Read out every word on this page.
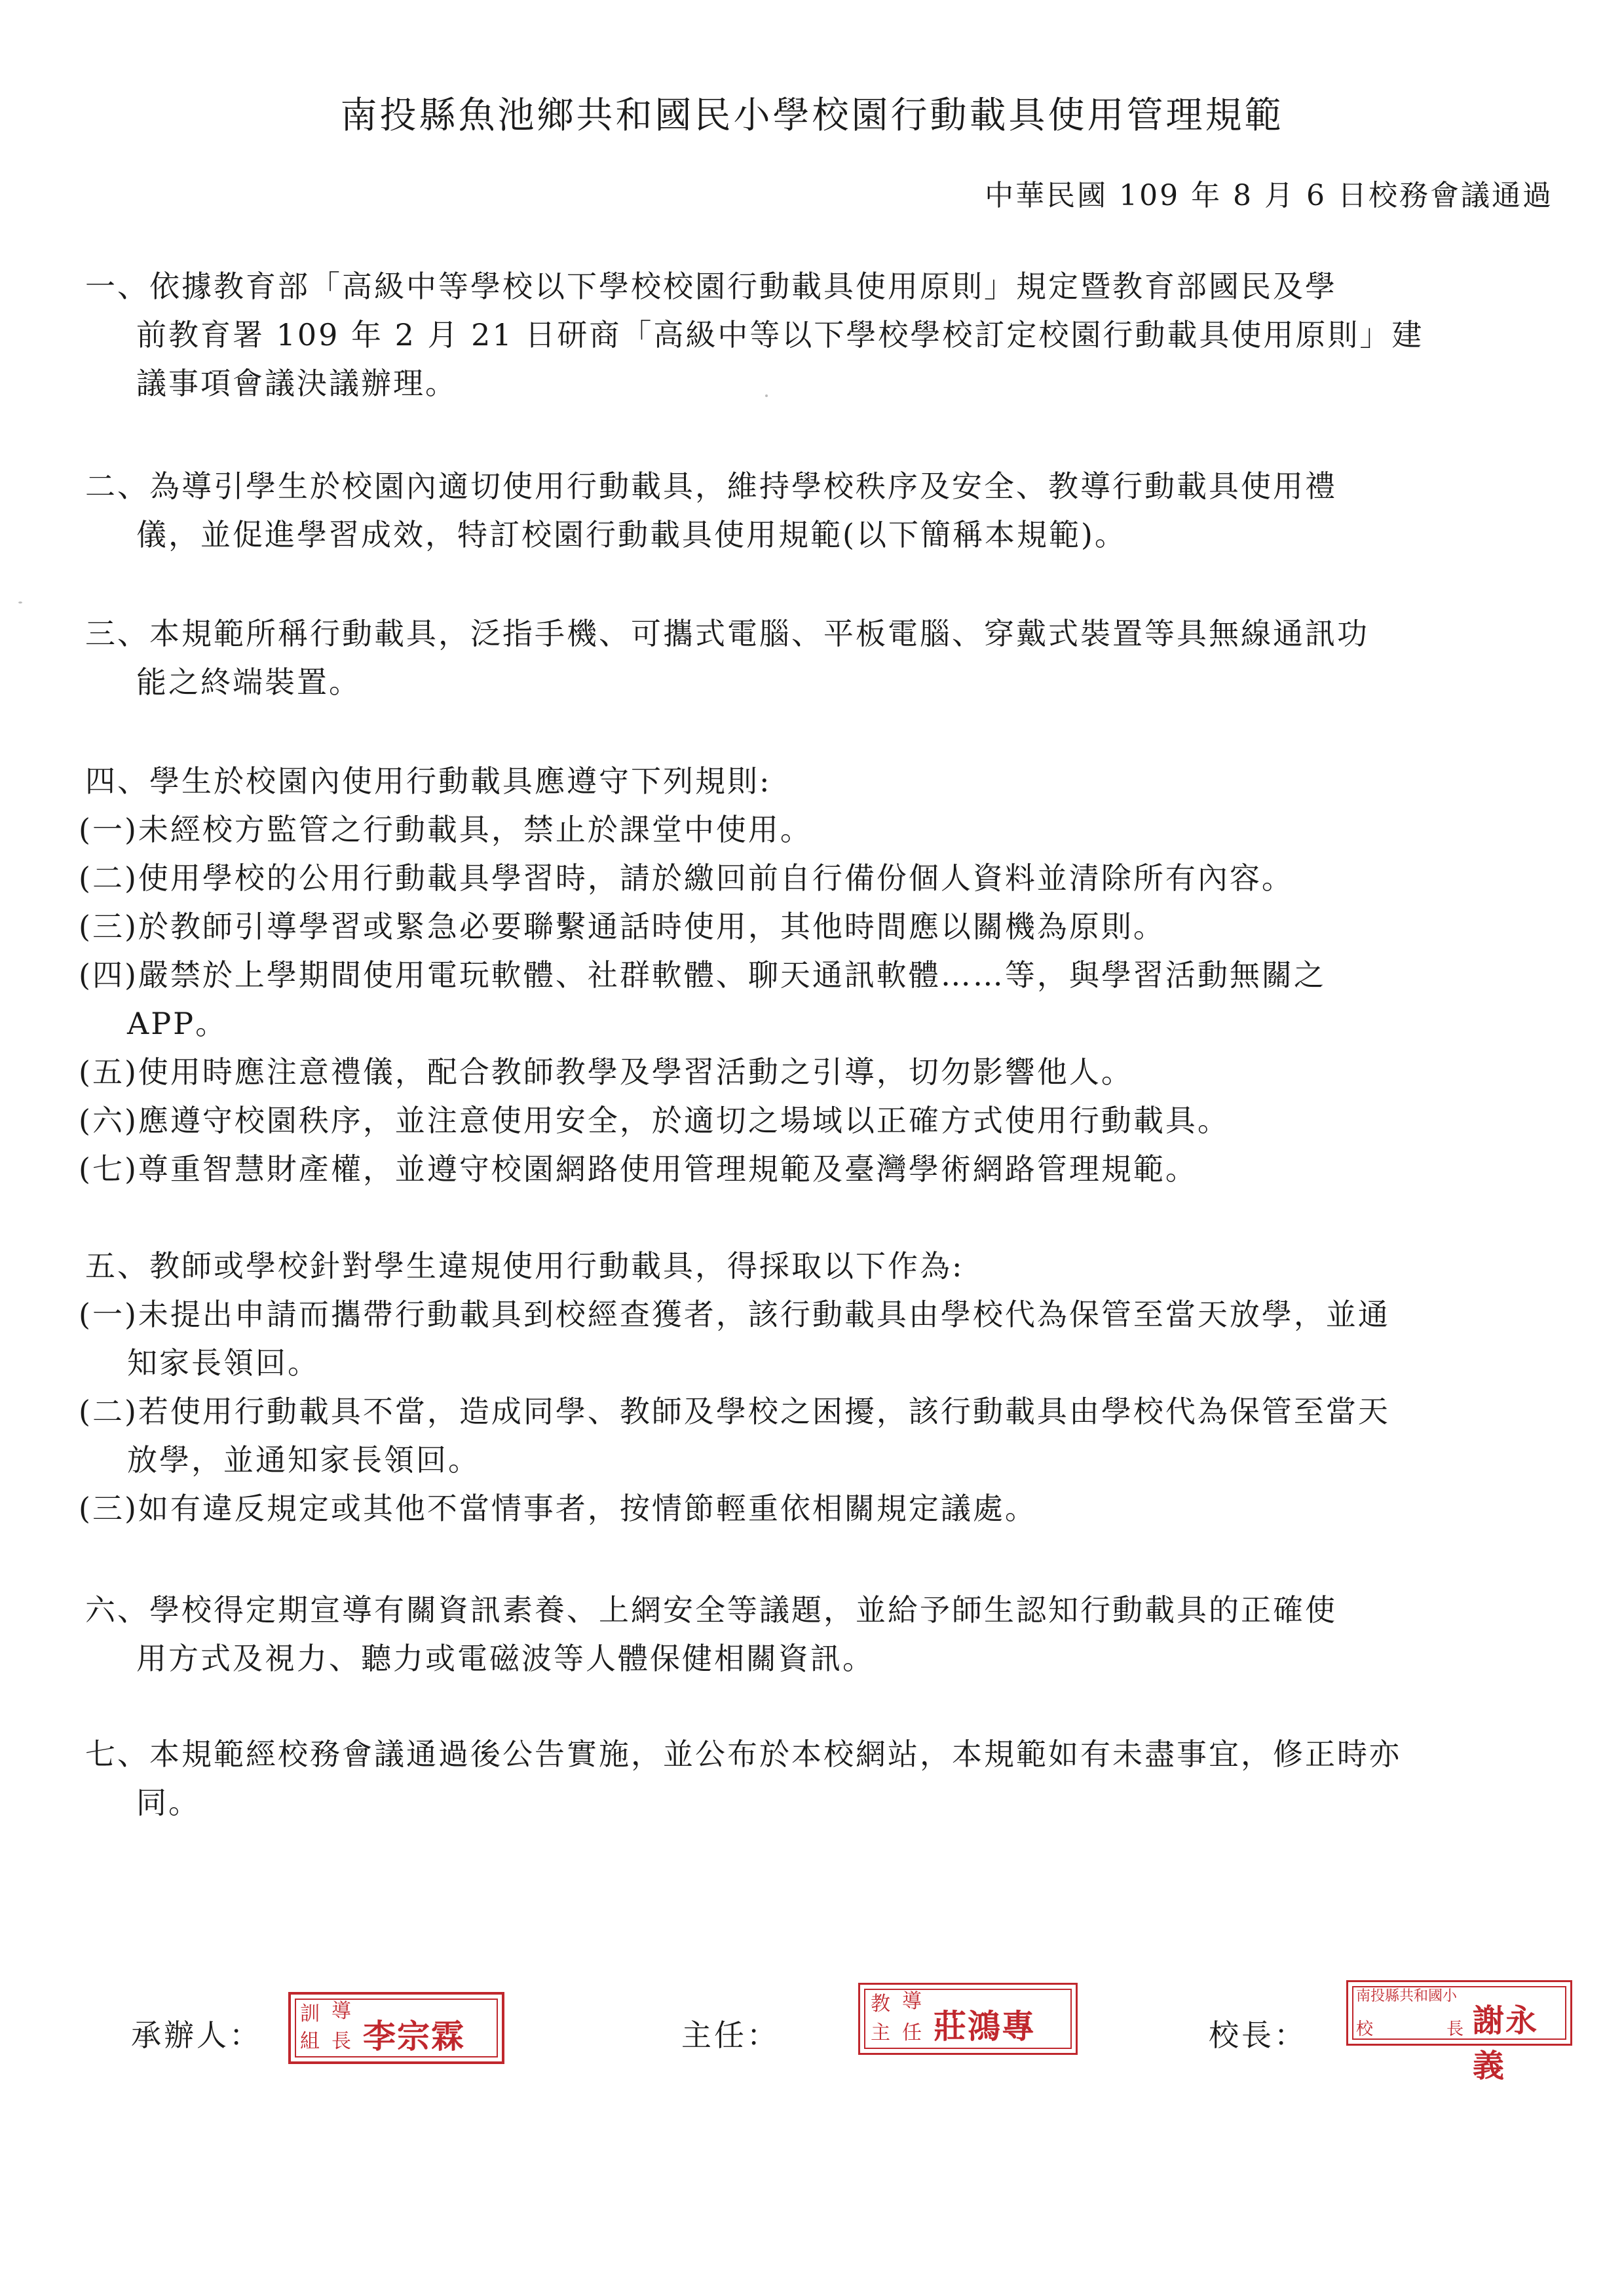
南投縣魚池鄉共和國民小學校園行動載具使用管理規範
中華民國 109 年 8 月 6 日校務會議通過
一、依據教育部「高級中等學校以下學校校園行動載具使用原則」規定暨教育部國民及學
前教育署 109 年 2 月 21 日研商「高級中等以下學校學校訂定校園行動載具使用原則」建
議事項會議決議辦理。
二、為導引學生於校園內適切使用行動載具，維持學校秩序及安全、教導行動載具使用禮
儀，並促進學習成效，特訂校園行動載具使用規範(以下簡稱本規範)。
三、本規範所稱行動載具，泛指手機、可攜式電腦、平板電腦、穿戴式裝置等具無線通訊功
能之終端裝置。
四、學生於校園內使用行動載具應遵守下列規則:
(一)未經校方監管之行動載具，禁止於課堂中使用。
(二)使用學校的公用行動載具學習時，請於繳回前自行備份個人資料並清除所有內容。
(三)於教師引導學習或緊急必要聯繫通話時使用，其他時間應以關機為原則。
(四)嚴禁於上學期間使用電玩軟體、社群軟體、聊天通訊軟體……等，與學習活動無關之
APP。
(五)使用時應注意禮儀，配合教師教學及學習活動之引導，切勿影響他人。
(六)應遵守校園秩序，並注意使用安全，於適切之場域以正確方式使用行動載具。
(七)尊重智慧財產權，並遵守校園網路使用管理規範及臺灣學術網路管理規範。
五、教師或學校針對學生違規使用行動載具，得採取以下作為:
(一)未提出申請而攜帶行動載具到校經查獲者，該行動載具由學校代為保管至當天放學，並通
知家長領回。
(二)若使用行動載具不當，造成同學、教師及學校之困擾，該行動載具由學校代為保管至當天
放學，並通知家長領回。
(三)如有違反規定或其他不當情事者，按情節輕重依相關規定議處。
六、學校得定期宣導有關資訊素養、上網安全等議題，並給予師生認知行動載具的正確使
用方式及視力、聽力或電磁波等人體保健相關資訊。
七、本規範經校務會議通過後公告實施，並公布於本校網站，本規範如有未盡事宜，修正時亦
同。
承辦人：
訓 導
組 長 李宗霖	主任：
教 導
主 任 莊鴻專	校長：
南投縣共和國小
校	長 謝永義
